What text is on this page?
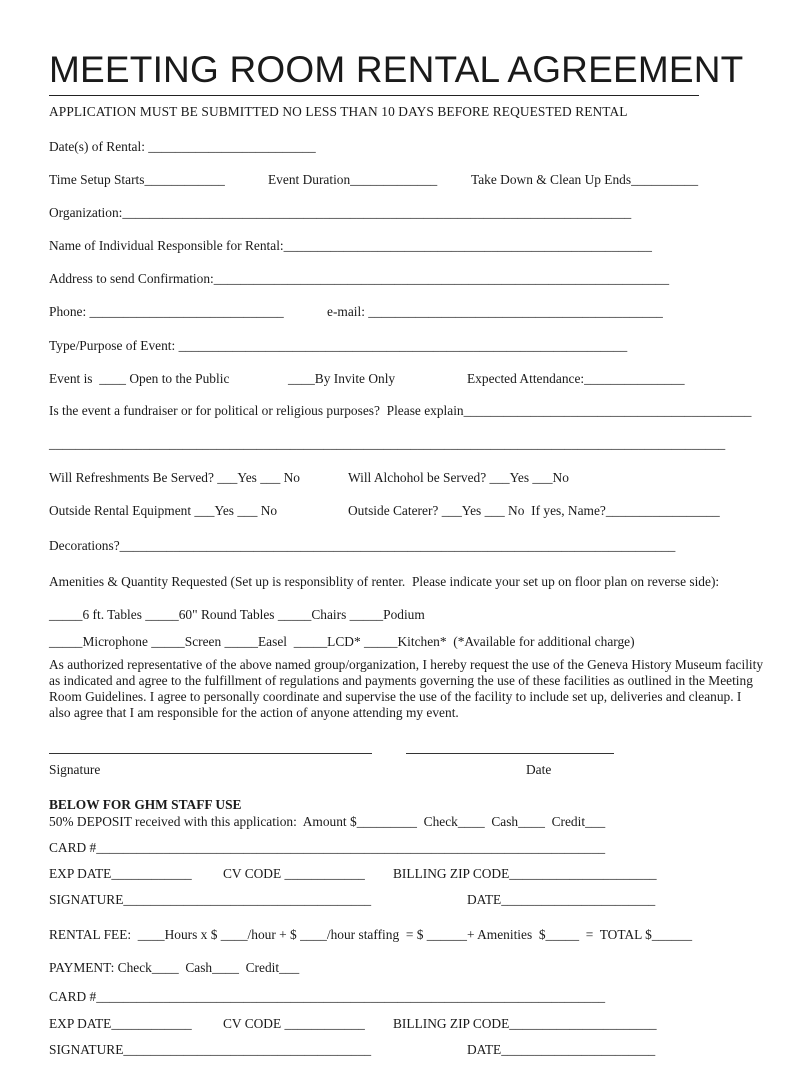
MEETING ROOM RENTAL AGREEMENT
APPLICATION MUST BE SUBMITTED NO LESS THAN 10 DAYS BEFORE REQUESTED RENTAL
Date(s) of Rental: _________________________
Time Setup Starts____________	Event Duration_____________	Take Down & Clean Up Ends__________
Organization:____________________________________________________________________________
Name of Individual Responsible for Rental:_______________________________________________________
Address to send Confirmation:____________________________________________________________________
Phone: _____________________________	e-mail: ____________________________________________
Type/Purpose of Event: ___________________________________________________________________
Event is  ____ Open to the Public	____By Invite Only	Expected Attendance:_______________
Is the event a fundraiser or for political or religious purposes?  Please explain___________________________________________
_____________________________________________________________________________________________________
Will Refreshments Be Served? ___Yes ___ No	Will Alchohol be Served? ___Yes ___No
Outside Rental Equipment ___Yes ___ No	Outside Caterer? ___Yes ___ No  If yes, Name?_________________
Decorations?___________________________________________________________________________________
Amenities & Quantity Requested (Set up is responsiblity of renter.  Please indicate your set up on floor plan on reverse side):
_____6 ft. Tables _____60" Round Tables _____Chairs _____Podium
_____Microphone _____Screen _____Easel  _____LCD* _____Kitchen*  (*Available for additional charge)
As authorized representative of the above named group/organization, I hereby request the use of the Geneva History Museum facility as indicated and agree to the fulfillment of regulations and payments governing the use of these facilities as outlined in the Meeting Room Guidelines. I agree to personally coordinate and supervise the use of the facility to include set up, deliveries and cleanup. I also agree that I am responsible for the action of anyone attending my event.
Signature	Date
BELOW FOR GHM STAFF USE
50% DEPOSIT received with this application:  Amount $_________  Check____  Cash____  Credit___
CARD #____________________________________________________________________________
EXP DATE____________ CV CODE ____________ BILLING ZIP CODE______________________
SIGNATURE_____________________________________	DATE_______________________
RENTAL FEE:  ____Hours x $ ____/hour + $ ____/hour staffing  = $ ______+ Amenities  $_____  =  TOTAL $______
PAYMENT: Check____  Cash____  Credit___
CARD #____________________________________________________________________________
EXP DATE____________ CV CODE ____________ BILLING ZIP CODE______________________
SIGNATURE_____________________________________	DATE_______________________
